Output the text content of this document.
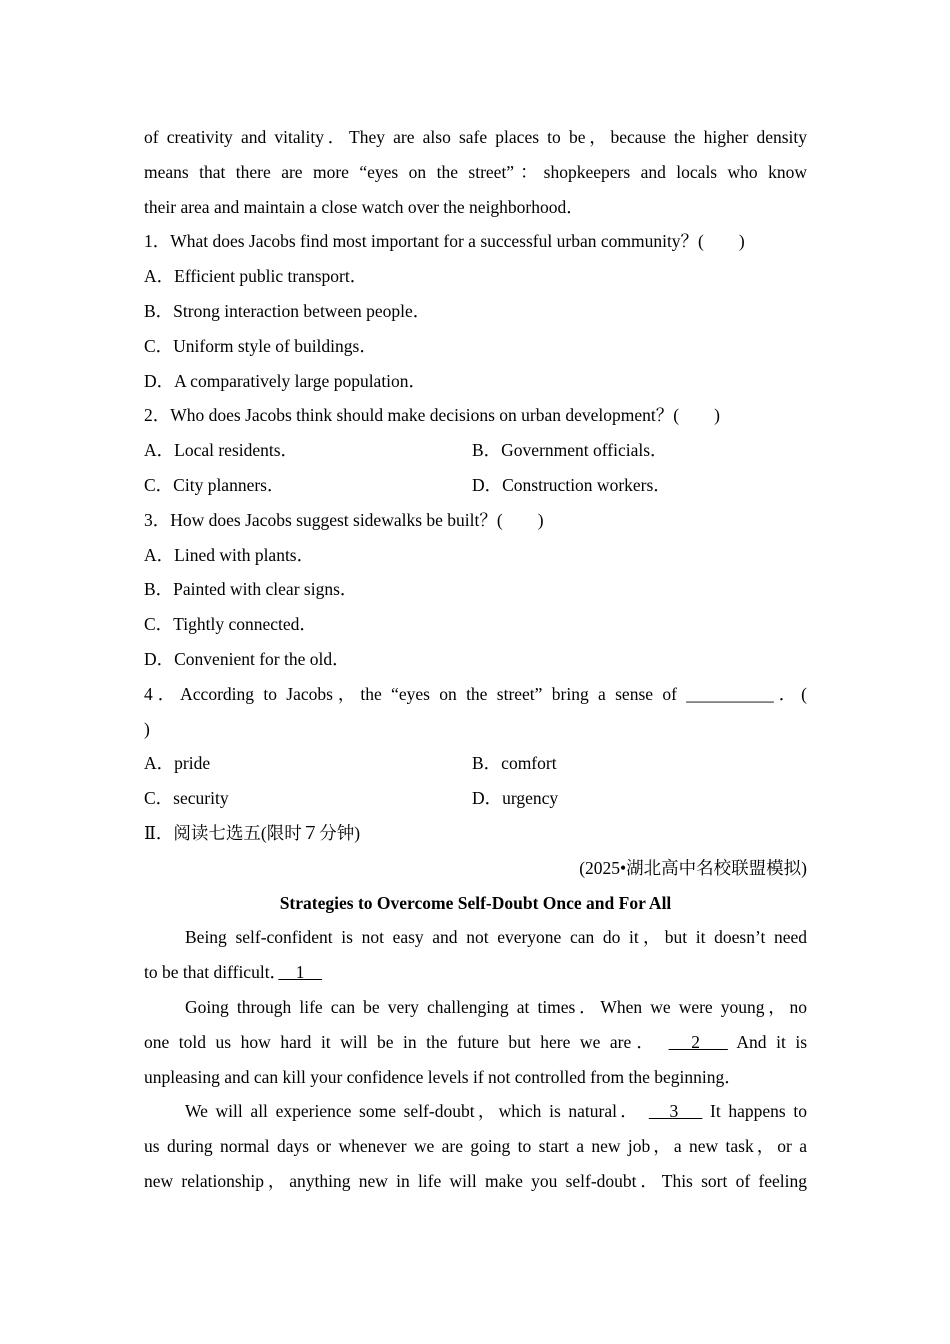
of creativity and vitality．They are also safe places to be，because the higher density
means that there are more “eyes on the street”：shopkeepers and locals who know
their area and maintain a close watch over the neighborhood．
1．What does Jacobs find most important for a successful urban community？(　　)
A．Efficient public transport．
B．Strong interaction between people．
C．Uniform style of buildings．
D．A comparatively large population．
2．Who does Jacobs think should make decisions on urban development？(　　)
A．Local residents．	B．Government officials．
C．City planners．	D．Construction workers．
3．How does Jacobs suggest sidewalks be built？(　　)
A．Lined with plants．
B．Painted with clear signs．
C．Tightly connected．
D．Convenient for the old．
4．According to Jacobs，the “eyes on the street” bring a sense of __________．(
)
A．pride	B．comfort
C．security	D．urgency
Ⅱ．阅读七选五(限时７分钟)
(2025•湖北高中名校联盟模拟)
Strategies to Overcome Self-Doubt Once and For All
Being self-confident is not easy and not everyone can do it，but it doesn’t need
to be that difficult．　1　
Going through life can be very challenging at times．When we were young，no
one told us how hard it will be in the future but here we are． 　2　 And it is
unpleasing and can kill your confidence levels if not controlled from the beginning．
We will all experience some self-doubt，which is natural． 　3　 It happens to
us during normal days or whenever we are going to start a new job，a new task，or a
new relationship，anything new in life will make you self-doubt．This sort of feeling
